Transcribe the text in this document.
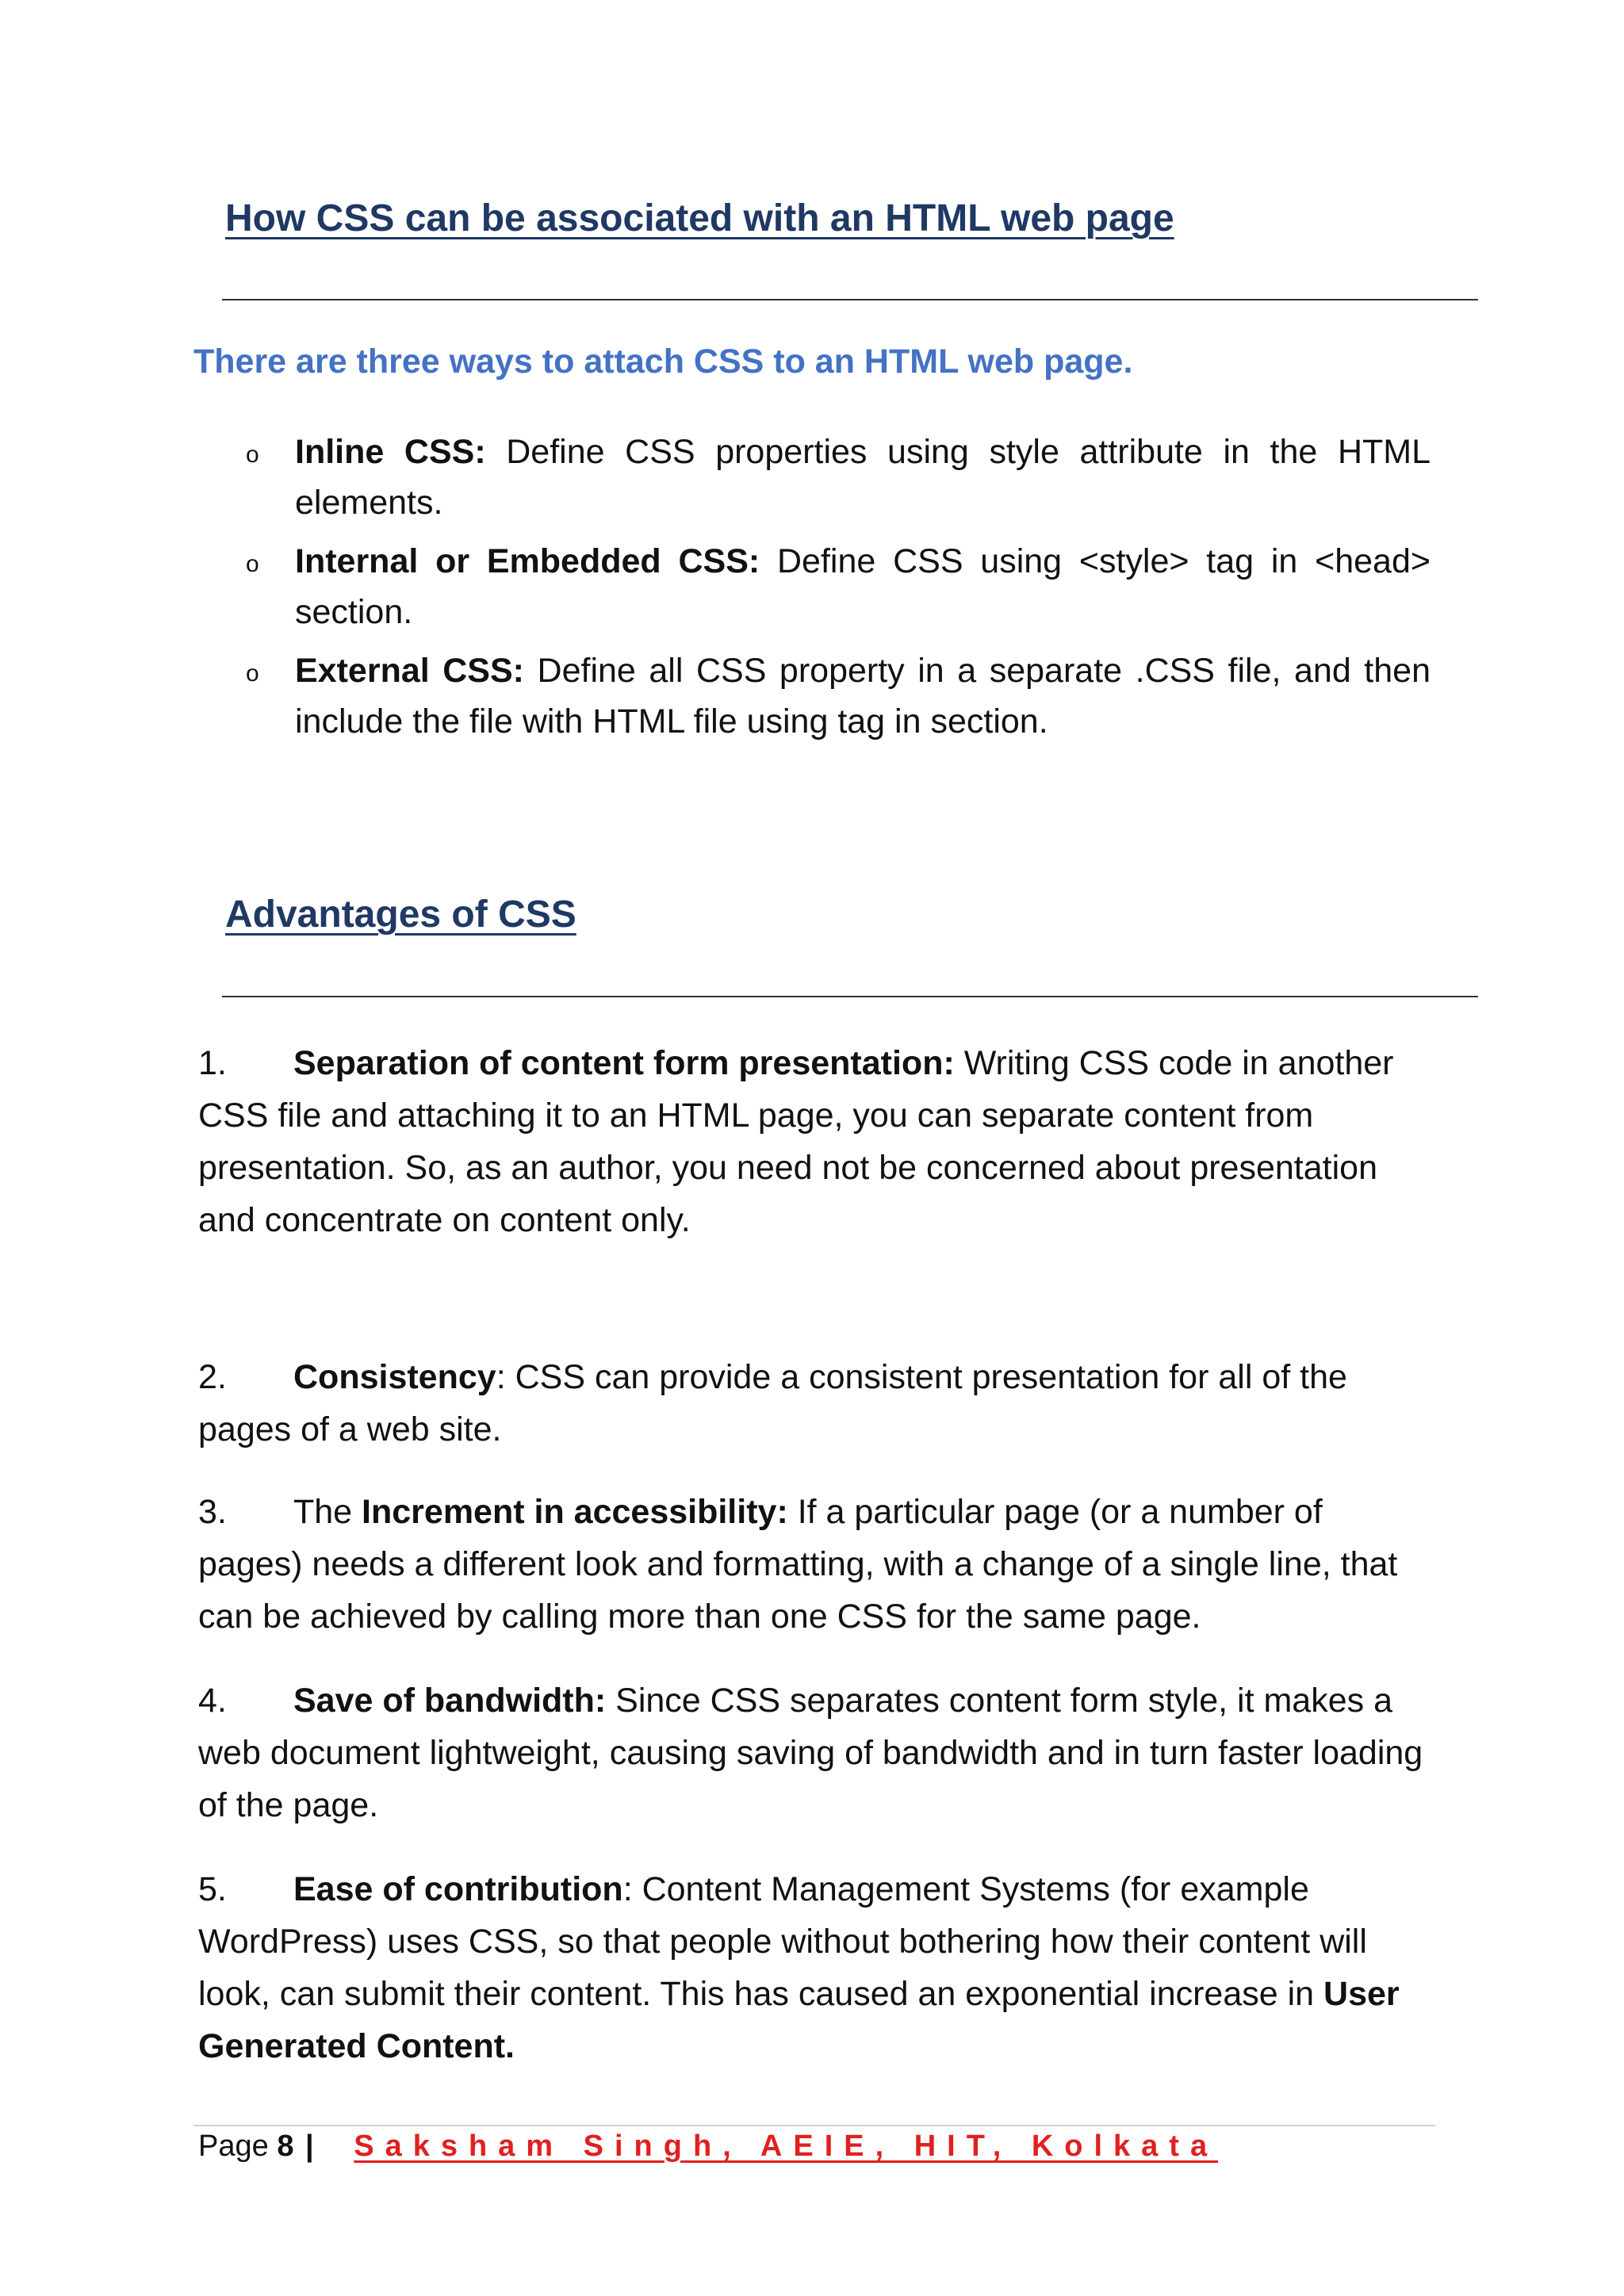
How CSS can be associated with an HTML web page

There are three ways to attach CSS to an HTML web page.

o Inline CSS: Define CSS properties using style attribute in the HTML elements.
o Internal or Embedded CSS: Define CSS using <style> tag in <head> section.
o External CSS: Define all CSS property in a separate .CSS file, and then include the file with HTML file using tag in section.
Advantages of CSS

1. Separation of content form presentation: Writing CSS code in another CSS file and attaching it to an HTML page, you can separate content from presentation. So, as an author, you need not be concerned about presentation and concentrate on content only.

2. Consistency: CSS can provide a consistent presentation for all of the pages of a web site.

3. The Increment in accessibility: If a particular page (or a number of pages) needs a different look and formatting, with a change of a single line, that can be achieved by calling more than one CSS for the same page.

4. Save of bandwidth: Since CSS separates content form style, it makes a web document lightweight, causing saving of bandwidth and in turn faster loading of the page.

5. Ease of contribution: Content Management Systems (for example WordPress) uses CSS, so that people without bothering how their content will look, can submit their content. This has caused an exponential increase in User Generated Content.

Page 8 | Saksham Singh, AEIE, HIT, Kolkata
